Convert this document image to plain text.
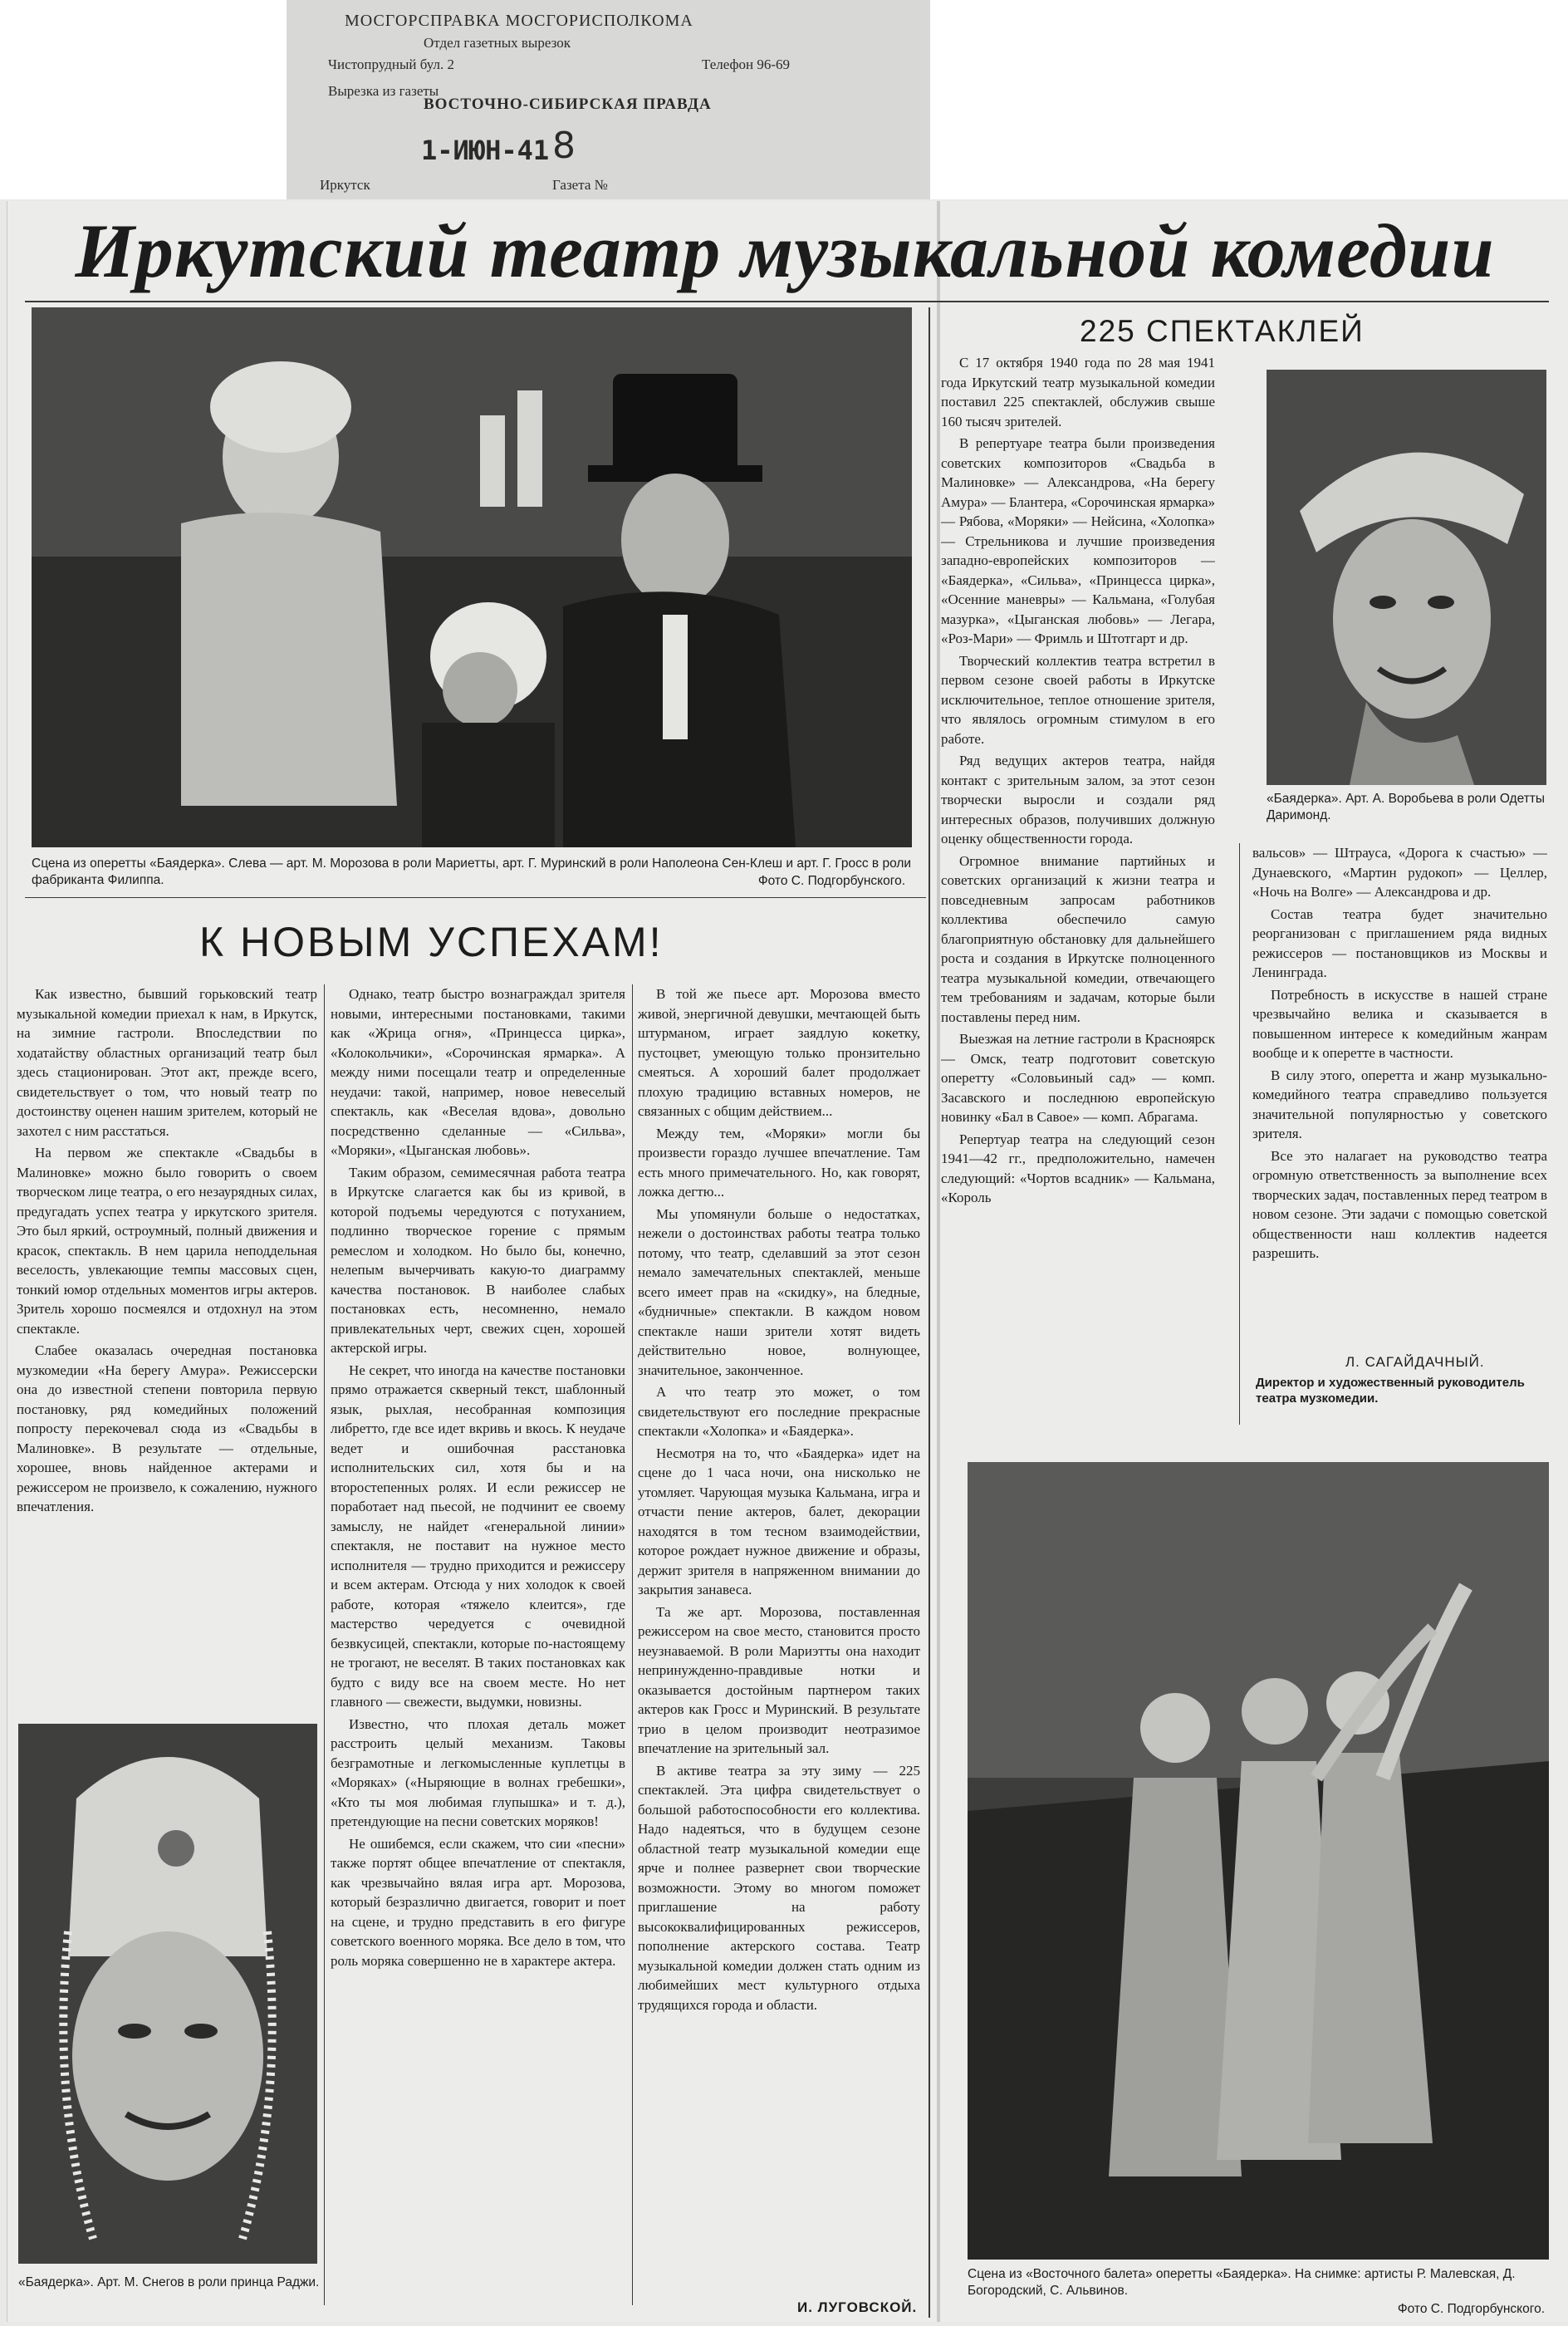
МОСГОРСПРАВКА МОСГОРИСПОЛКОМА
Отдел газетных вырезок
Чистопрудный бул. 2	Телефон 96-69
Вырезка из газеты
ВОСТОЧНО-СИБИРСКАЯ ПРАВДА
1-ИЮН-41 8
Иркутск	Газета №
Иркутский театр музыкальной комедии
Сцена из оперетты «Баядерка». Слева — арт. М. Морозова в роли Мариетты, арт. Г. Муринский в роли Наполеона Сен-Клеш и арт. Г. Гросс в роли фабриканта Филиппа.	Фото С. Подгорбунского.
К НОВЫМ УСПЕХАМ!

Как известно, бывший горьковский театр музыкальной комедии приехал к нам, в Иркутск, на зимние гастроли. Впоследствии по ходатайству областных организаций театр был здесь стационирован. Этот акт, прежде всего, свидетельствует о том, что новый театр по достоинству оценен нашим зрителем, который не захотел с ним расстаться.

На первом же спектакле «Свадьбы в Малиновке» можно было говорить о своем творческом лице театра, о его незаурядных силах, предугадать успех театра у иркутского зрителя. Это был яркий, остроумный, полный движения и красок, спектакль. В нем царила неподдельная веселость, увлекающие темпы массовых сцен, тонкий юмор отдельных моментов игры актеров. Зритель хорошо посмеялся и отдохнул на этом спектакле.

Слабее оказалась очередная постановка музкомедии «На берегу Амура». Режиссерски она до известной степени повторила первую постановку, ряд комедийных положений попросту перекочевал сюда из «Свадьбы в Малиновке». В результате — отдельные, хорошее, вновь найденное актерами и режиссером не произвело, к сожалению, нужного впечатления.

Однако, театр быстро вознаграждал зрителя новыми, интересными постановками, такими как «Жрица огня», «Принцесса цирка», «Колокольчики», «Сорочинская ярмарка». А между ними посещали театр и определенные неудачи: такой, например, новое невеселый спектакль, как «Веселая вдова», довольно посредственно сделанные — «Сильва», «Моряки», «Цыганская любовь».

Таким образом, семимесячная работа театра в Иркутске слагается как бы из кривой, в которой подъемы чередуются с потуханием, подлинно творческое горение с прямым ремеслом и холодком. Но было бы, конечно, нелепым вычерчивать какую-то диаграмму качества постановок. В наиболее слабых постановках есть, несомненно, немало привлекательных черт, свежих сцен, хорошей актерской игры.

Не секрет, что иногда на качестве постановки прямо отражается скверный текст, шаблонный язык, рыхлая, несобранная композиция либретто, где все идет вкривь и вкось. К неудаче ведет и ошибочная расстановка исполнительских сил, хотя бы и на второстепенных ролях. И если режиссер не поработает над пьесой, не подчинит ее своему замыслу, не найдет «генеральной линии» спектакля, не поставит на нужное место исполнителя — трудно приходится и режиссеру и всем актерам. Отсюда у них холодок к своей работе, которая «тяжело клеится», где мастерство чередуется с очевидной безвкусицей, спектакли, которые по-настоящему не трогают, не веселят. В таких постановках как будто с виду все на своем месте. Но нет главного — свежести, выдумки, новизны.

Известно, что плохая деталь может расстроить целый механизм. Таковы безграмотные и легкомысленные куплетцы в «Моряках» («Ныряющие в волнах гребешки», «Кто ты моя любимая глупышка» и т. д.), претендующие на песни советских моряков!

Не ошибемся, если скажем, что сии «песни» также портят общее впечатление от спектакля, как чрезвычайно вялая игра арт. Морозова, который безразлично двигается, говорит и поет на сцене, и трудно представить в его фигуре советского военного моряка. Все дело в том, что роль моряка совершенно не в характере актера.

В той же пьесе арт. Морозова вместо живой, энергичной девушки, мечтающей быть штурманом, играет заядлую кокетку, пустоцвет, умеющую только пронзительно смеяться. А хороший балет продолжает плохую традицию вставных номеров, не связанных с общим действием...

Между тем, «Моряки» могли бы произвести гораздо лучшее впечатление. Там есть много примечательного. Но, как говорят, ложка дегтю...

Мы упомянули больше о недостатках, нежели о достоинствах работы театра только потому, что театр, сделавший за этот сезон немало замечательных спектаклей, меньше всего имеет прав на «скидку», на бледные, «будничные» спектакли. В каждом новом спектакле наши зрители хотят видеть действительно новое, волнующее, значительное, законченное.

А что театр это может, о том свидетельствуют его последние прекрасные спектакли «Холопка» и «Баядерка».

Несмотря на то, что «Баядерка» идет на сцене до 1 часа ночи, она нисколько не утомляет. Чарующая музыка Кальмана, игра и отчасти пение актеров, балет, декорации находятся в том тесном взаимодействии, которое рождает нужное движение и образы, держит зрителя в напряженном внимании до закрытия занавеса.

Та же арт. Морозова, поставленная режиссером на свое место, становится просто неузнаваемой. В роли Мариэтты она находит непринужденно-правдивые нотки и оказывается достойным партнером таких актеров как Гросс и Муринский. В результате трио в целом производит неотразимое впечатление на зрительный зал.

В активе театра за эту зиму — 225 спектаклей. Эта цифра свидетельствует о большой работоспособности его коллектива. Надо надеяться, что в будущем сезоне областной театр музыкальной комедии еще ярче и полнее развернет свои творческие возможности. Этому во многом поможет приглашение на работу высококвалифицированных режиссеров, пополнение актерского состава. Театр музыкальной комедии должен стать одним из любимейших мест культурного отдыха трудящихся города и области.

И. ЛУГОВСКОЙ.
«Баядерка». Арт. М. Снегов в роли принца Раджи.
225 СПЕКТАКЛЕЙ

С 17 октября 1940 года по 28 мая 1941 года Иркутский театр музыкальной комедии поставил 225 спектаклей, обслужив свыше 160 тысяч зрителей.

В репертуаре театра были произведения советских композиторов «Свадьба в Малиновке» — Александрова, «На берегу Амура» — Блантера, «Сорочинская ярмарка» — Рябова, «Моряки» — Нейсина, «Холопка» — Стрельникова и лучшие произведения западно-европейских композиторов — «Баядерка», «Сильва», «Принцесса цирка», «Осенние маневры» — Кальмана, «Голубая мазурка», «Цыганская любовь» — Легара, «Роз-Мари» — Фримль и Штотгарт и др.

Творческий коллектив театра встретил в первом сезоне своей работы в Иркутске исключительное, теплое отношение зрителя, что являлось огромным стимулом в его работе.

Ряд ведущих актеров театра, найдя контакт с зрительным залом, за этот сезон творчески выросли и создали ряд интересных образов, получивших должную оценку общественности города.

Огромное внимание партийных и советских организаций к жизни театра и повседневным запросам работников коллектива обеспечило самую благоприятную обстановку для дальнейшего роста и создания в Иркутске полноценного театра музыкальной комедии, отвечающего тем требованиям и задачам, которые были поставлены перед ним.

Выезжая на летние гастроли в Красноярск — Омск, театр подготовит советскую оперетту «Соловьиный сад» — комп. Засавского и последнюю европейскую новинку «Бал в Савое» — комп. Абрагама.

Репертуар театра на следующий сезон 1941—42 гг., предположительно, намечен следующий: «Чортов всадник» — Кальмана, «Король

«Баядерка». Арт. А. Воробьева в роли Одетты Даримонд.

вальсов» — Штрауса, «Дорога к счастью» — Дунаевского, «Мартин рудокоп» — Целлер, «Ночь на Волге» — Александрова и др.

Состав театра будет значительно реорганизован с приглашением ряда видных режиссеров — постановщиков из Москвы и Ленинграда.

Потребность в искусстве в нашей стране чрезвычайно велика и сказывается в повышенном интересе к комедийным жанрам вообще и к оперетте в частности.

В силу этого, оперетта и жанр музыкально-комедийного театра справедливо пользуется значительной популярностью у советского зрителя.

Все это налагает на руководство театра огромную ответственность за выполнение всех творческих задач, поставленных перед театром в новом сезоне. Эти задачи с помощью советской общественности наш коллектив надеется разрешить.

Л. САГАЙДАЧНЫЙ.
Директор и художественный руководитель театра музкомедии.
Сцена из «Восточного балета» оперетты «Баядерка». На снимке: артисты Р. Малевская, Д. Богородский, С. Альвинов.
Фото С. Подгорбунского.
